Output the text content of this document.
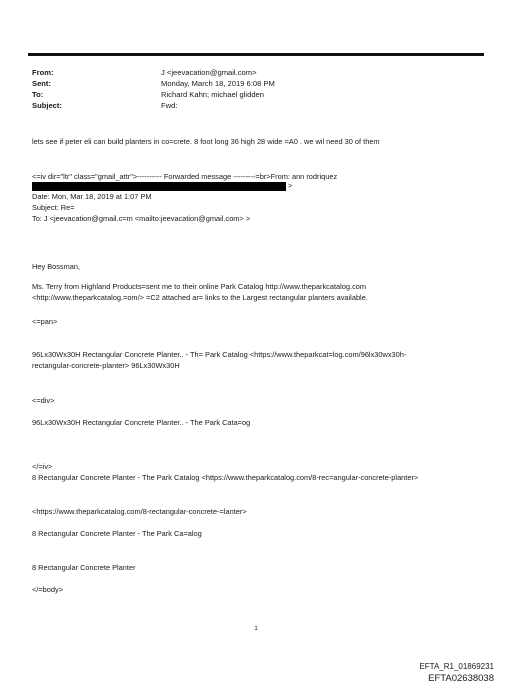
From:	J <jeevacation@gmail.com>
Sent:	Monday, March 18, 2019 6:08 PM
To:	Richard Kahn; michael glidden
Subject:	Fwd:
lets see if peter eli can build planters in co=crete. 8 foot long 36 high 28 wide =A0 . we wil need 30 of them
<=iv dir="ltr" class="gmail_attr">---------- Forwarded message ---------=br>From: ann rodriquez
>
Date: Mon, Mar 18, 2019 at 1:07 PM
Subject: Re=
To: J <jeevacation@gmail.c=m <mailto:jeevacation@gmail.com> >
Hey Bossman,
Ms. Terry from Highland Products=sent me to their online Park Catalog http://www.theparkcatalog.com
<http://www.theparkcatalog.=om/> =C2 attached ar= links to the Largest rectangular planters available.
<=pan>
96Lx30Wx30H Rectangular Concrete Planter.. - Th= Park Catalog <https://www.theparkcat=log.com/96lx30wx30h-
rectangular-concrete-planter> 96Lx30Wx30H
<=div>
96Lx30Wx30H Rectangular Concrete Planter.. - The Park Cata=og
</=iv>
8 Rectangular Concrete Planter - The Park Catalog <https://www.theparkcatalog.com/8-rec=angular-concrete-planter>
<https://www.theparkcatalog.com/8-rectangular-concrete-=lanter>
8 Rectangular Concrete Planter - The Park Ca=alog
8 Rectangular Concrete Planter
</=body>
1
EFTA_R1_01869231
EFTA02638038
